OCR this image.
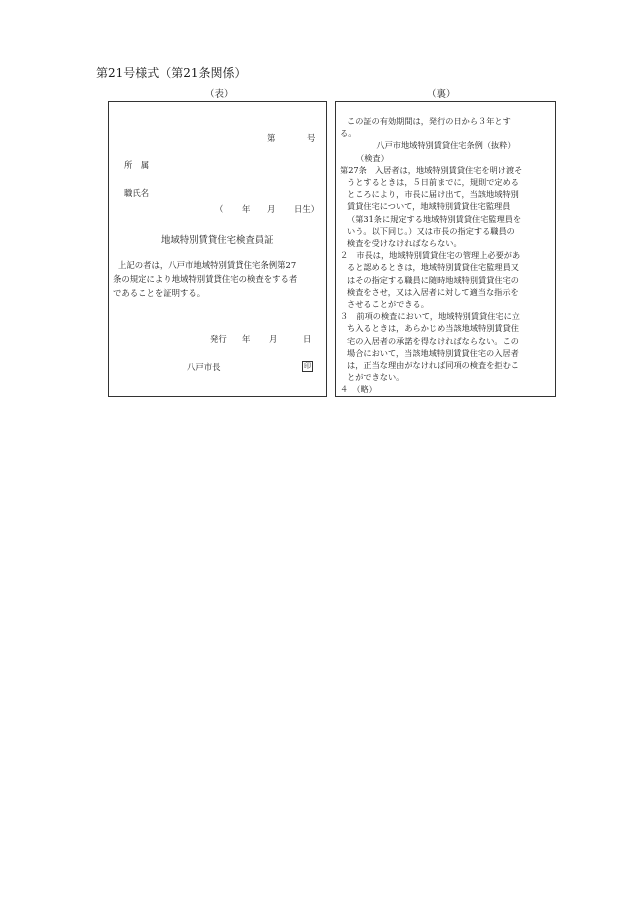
第21号様式（第21条関係）
（表）	（裏）
第	号
所　属
職氏名
（ 年 月 日生）
地域特別賃貸住宅検査員証
上記の者は，八戸市地域特別賃貸住宅条例第27
条の規定により地域特別賃貸住宅の検査をする者
であることを証明する。
発行 年 月	日
八戸市長	印

この証の有効期間は，発行の日から３年とす

る。

八戸市地域特別賃貸住宅条例（抜粋）

（検査）

第27条　入居者は，地域特別賃貸住宅を明け渡そ

うとするときは，５日前までに，規則で定める

ところにより，市長に届け出て，当該地域特別

賃貸住宅について，地域特別賃貸住宅監理員

（第31条に規定する地域特別賃貸住宅監理員を

いう。以下同じ。）又は市長の指定する職員の

検査を受けなければならない。

２　市長は，地域特別賃貸住宅の管理上必要があ

ると認めるときは，地域特別賃貸住宅監理員又

はその指定する職員に随時地域特別賃貸住宅の

検査をさせ，又は入居者に対して適当な指示を

させることができる。

３　前項の検査において，地域特別賃貸住宅に立

ち入るときは，あらかじめ当該地域特別賃貸住

宅の入居者の承諾を得なければならない。この

場合において，当該地域特別賃貸住宅の入居者

は，正当な理由がなければ同項の検査を拒むこ

とができない。

４　（略）
